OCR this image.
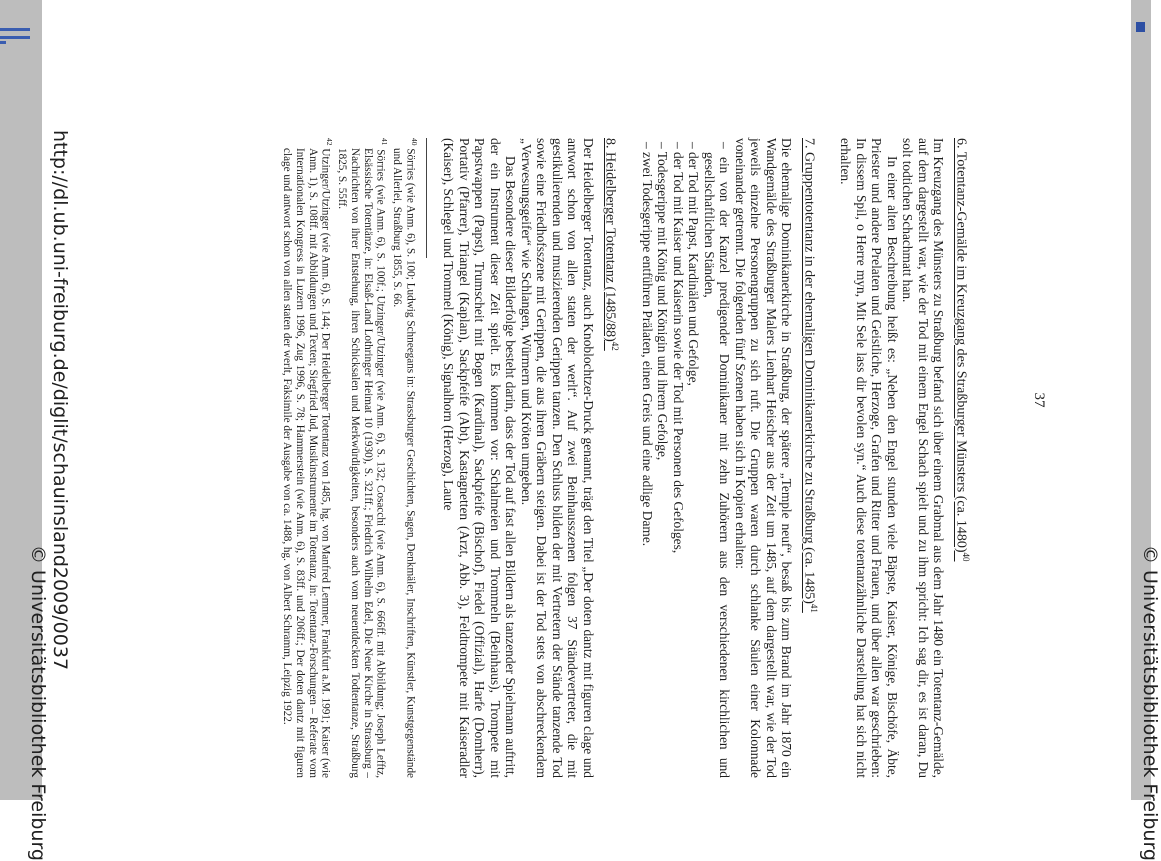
http://dl.ub.uni-freiburg.de/diglit/schauinsland2009/0037
© Universitätsbibliothek Freiburg	© Universitätsbibliothek Freiburg
37
6. Totentanz-Gemälde im Kreuzgang des Straßburger Münsters (ca. 1480)$^{40}$

Im Kreuzgang des Münsters zu Straßburg befand sich über einem Grabmal aus dem Jahr 1480 ein Totentanz-Gemälde, auf dem dargestellt war, wie der Tod mit einem Engel Schach spielt und zu ihm spricht: Ich sag dir, es ist daran, Du solt todtichen Schachmatt han.

In einer alten Beschreibung heißt es: „Neben den Engel stunden viele Bäpste, Kaiser, Könige, Bischöfe, Äbte, Priester und andere Prelaten und Geistliche, Herzoge, Grafen und Ritter und Frauen, und über allen war geschrieben: In dissem Spil, o Herre myn, Mit Sele lass dir bevolen syn.“ Auch diese totentanzähnliche Darstellung hat sich nicht erhalten.

7. Gruppentotentanz in der ehemaligen Dominikanerkirche zu Straßburg (ca. 1485)$^{41}$

Die ehemalige Dominikanerkirche in Straßburg, der spätere „Temple neuf“, besaß bis zum Brand im Jahr 1870 ein Wandgemälde des Straßburger Malers Lienhart Heischer aus der Zeit um 1485, auf dem dargestellt war, wie der Tod jeweils einzelne Personengruppen zu sich ruft. Die Gruppen waren durch schlanke Säulen einer Kolonnade voneinander getrennt. Die folgenden fünf Szenen haben sich in Kopien erhalten:

– ein von der Kanzel predigender Dominikaner mit zehn Zuhörern aus den verschiedenen kirchlichen und gesellschaftlichen Ständen,
– der Tod mit Papst, Kardinälen und Gefolge,
– der Tod mit Kaiser und Kaiserin sowie der Tod mit Personen des Gefolges,
– Todesgerippe mit König und Königin und ihrem Gefolge,
– zwei Todesgerippe entführen Prälaten, einen Greis und eine adlige Dame.
8. Heidelberger Totentanz $(1485/88)^{42}$

Der Heidelberger Totentanz, auch Knoblochtzer-Druck genannt, trägt den Titel „Der doten dantz mit figuren clage und antwort schon von allen staten der werlt“. Auf zwei Beinhausszenen folgen 37 Ständevertreter, die mit gestikulierenden und musizierenden Gerippen tanzen. Den Schluss bilden der mit Vertretern der Stände tanzende Tod sowie eine Friedhofsszene mit Gerippen, die aus ihren Gräbern steigen. Dabei ist der Tod stets von abschreckendem „Verwesungsgeifer“ wie Schlangen, Würmern und Kröten umgeben.

Das Besondere dieser Bilderfolge besteht darin, dass der Tod auf fast allen Bildern als tanzender Spielmann auftritt, der ein Instrument dieser Zeit spielt. Es kommen vor: Schalmeien und Trommeln (Beinhaus), Trompete mit Papstwappen (Papst), Trumscheit mit Bogen (Kardinal), Sackpfeife (Bischof), Fiedel (Offizial), Harfe (Domherr), Portativ (Pfarrer), Triangel (Kaplan), Sackpfeife (Abt), Kastagnetten (Arzt, Abb. 3), Feldtrompete mit Kaiseradler (Kaiser), Schlegel und Trommel (König), Signalhorn (Herzog), Laute

$^{40}$ Sörries (wie Anm. 6), S. 100; Ludwig Schneegans in: Strassburger Geschichten, Sagen, Denkmäler, Inschriften, Künstler, Kunstgegenstände und Allerlei, Straßburg 1855, S. 66.
$^{41}$ Sörries (wie Anm. 6), S. 100f.; Utzinger/Utzinger (wie Anm. 6), S. 132; Cosacchi (wie Anm. 6), S. 666ff. mit Abbildung; Joseph Lefftz, Elsässische Totentänze, in: Elsaß-Land Lothringer Heimat 10 (1930), S. 321ff.; Friedrich Wilhelm Edel, Die Neue Kirche in Strassburg – Nachrichten von ihrer Entstehung, ihren Schicksalen und Merkwürdigkeiten, besonders auch vom neuentdeckten Todtentanze, Straßburg 1825, S. 55ff.
$^{42}$ Utzinger/Utzinger (wie Anm. 6), S. 144; Der Heidelberger Totentanz von 1485, hg. von Manfred Lemmer, Frankfurt a.M. 1991; Kaiser (wie Anm. 1), S. 108ff. mit Abbildungen und Texten; Siegfried Jud, Musikinstrumente im Totentanz, in: Totentanz-Forschungen – Referate vom Internationalen Kongress in Luzern 1996, Zug 1996, S. 78; Hammerstein (wie Anm. 6), S. 83ff. und 206ff.; Der doten dantz mit figuren clage und antwort schon von allen staten der werlt, Faksimile der Ausgabe von ca. 1488, hg. von Albert Schramm, Leipzig 1922.
